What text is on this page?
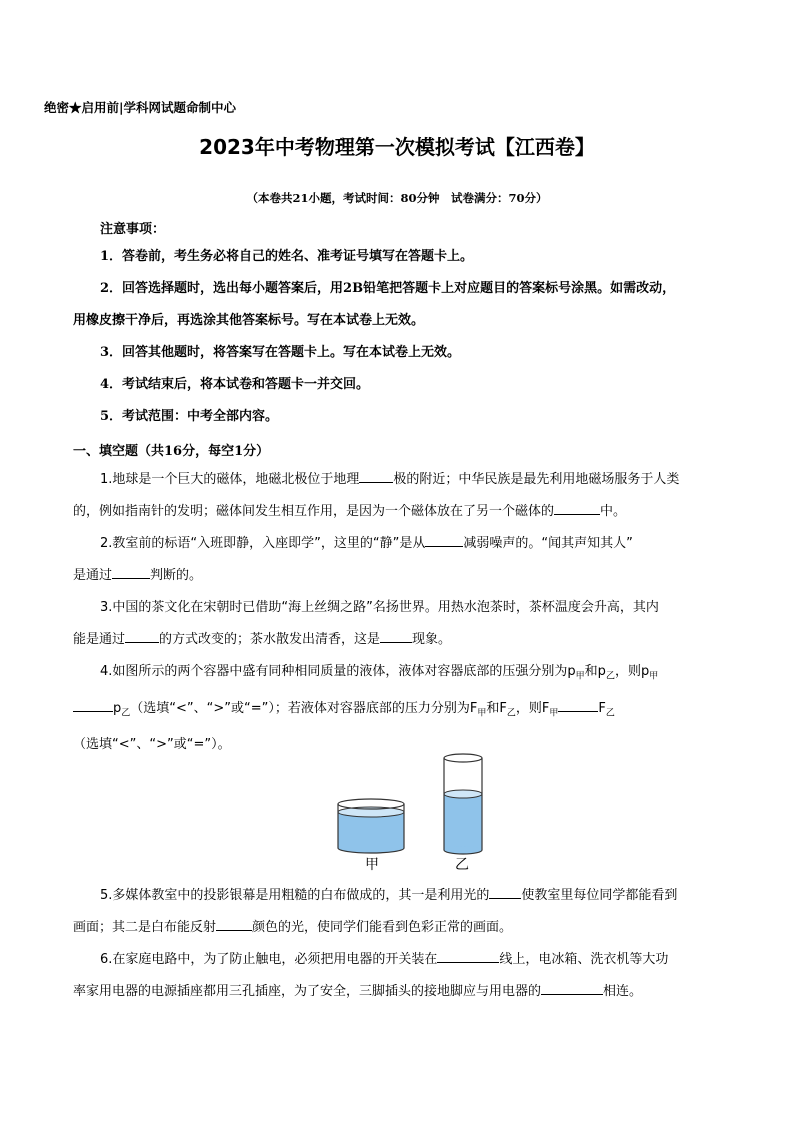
绝密★启用前|学科网试题命制中心
2023年中考物理第一次模拟考试【江西卷】
（本卷共21小题，考试时间：80分钟　试卷满分：70分）
注意事项：
1．答卷前，考生务必将自己的姓名、准考证号填写在答题卡上。
2．回答选择题时，选出每小题答案后，用2B铅笔把答题卡上对应题目的答案标号涂黑。如需改动，
用橡皮擦干净后，再选涂其他答案标号。写在本试卷上无效。
3．回答其他题时，将答案写在答题卡上。写在本试卷上无效。
4．考试结束后，将本试卷和答题卡一并交回。
5．考试范围：中考全部内容。
一、填空题（共16分，每空1分）

1.地球是一个巨大的磁体，地磁北极位于地理	极的附近；中华民族是最先利用地磁场服务于人类

的，例如指南针的发明；磁体间发生相互作用，是因为一个磁体放在了另一个磁体的	中。

2.教室前的标语“入班即静，入座即学”，这里的“静”是从	减弱噪声的。“闻其声知其人”

是通过	判断的。

3.中国的茶文化在宋朝时已借助“海上丝绸之路”名扬世界。用热水泡茶时，茶杯温度会升高，其内

能是通过	的方式改变的；茶水散发出清香，这是 现象。

4.如图所示的两个容器中盛有同种相同质量的液体，液体对容器底部的压强分别为$p_甲$和$p_乙$，则$p_甲$

$p_乙$（选填“<”、“>”或“=”）；若液体对容器底部的压力分别为$F_甲$和$F_乙$，则$F_甲$	$F_乙$

（选填“<”、“>”或“=”）。

甲	乙

5.多媒体教室中的投影银幕是用粗糙的白布做成的，其一是利用光的 使教室里每位同学都能看到

画面；其二是白布能反射	颜色的光，使同学们能看到色彩正常的画面。

6.在家庭电路中，为了防止触电，必须把用电器的开关装在	线上，电冰箱、洗衣机等大功

率家用电器的电源插座都用三孔插座，为了安全，三脚插头的接地脚应与用电器的	相连。
